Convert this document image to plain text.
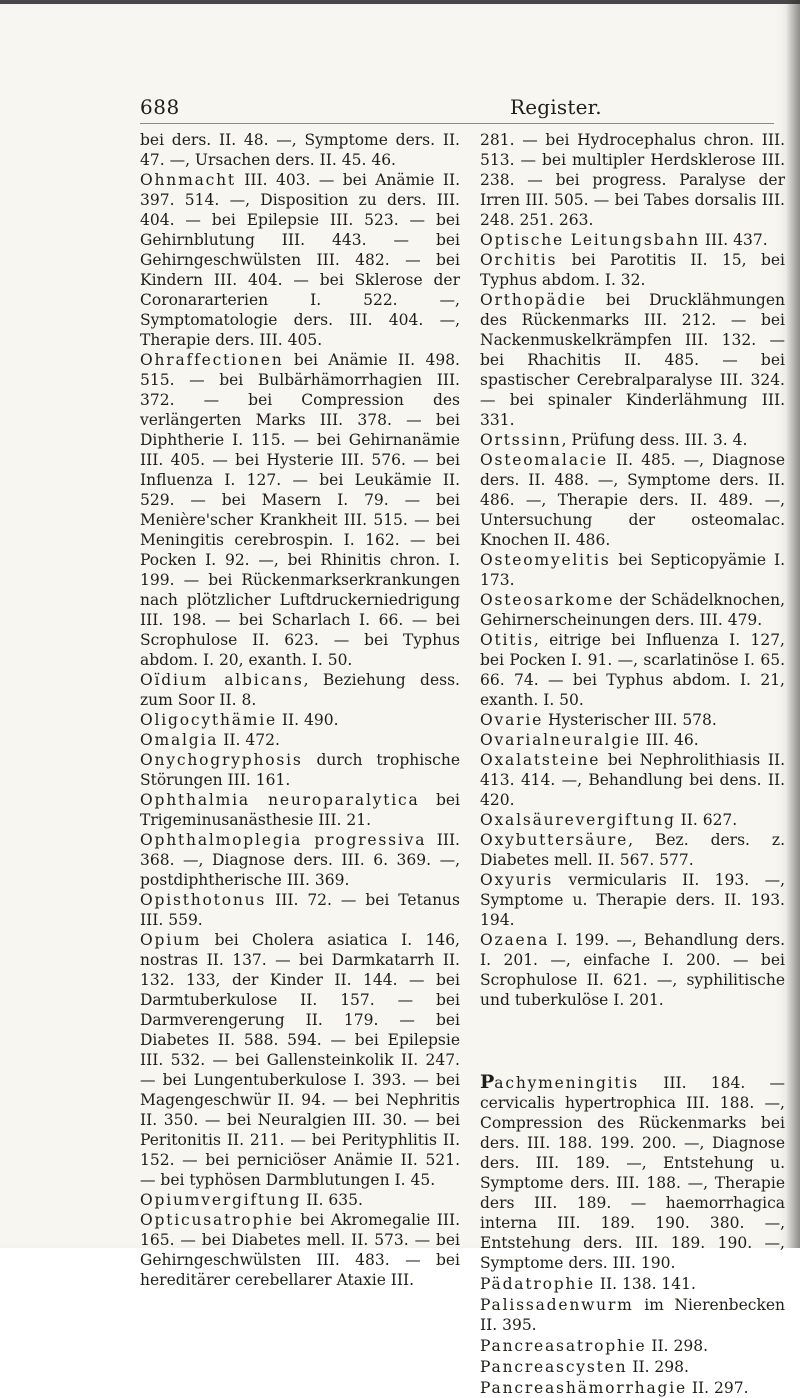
688	Register.

bei ders. II. 48. —, Symptome ders. II. 47. —, Ursachen ders. II. 45. 46.

Ohnmacht III. 403. — bei Anämie II. 397. 514. —, Disposition zu ders. III. 404. — bei Epilepsie III. 523. — bei Gehirnblutung III. 443. — bei Gehirngeschwülsten III. 482. — bei Kindern III. 404. — bei Sklerose der Coronararterien I. 522. —, Symptomatologie ders. III. 404. —, Therapie ders. III. 405.

Ohraffectionen bei Anämie II. 498. 515. — bei Bulbärhämorrhagien III. 372. — bei Compression des verlängerten Marks III. 378. — bei Diphtherie I. 115. — bei Gehirnanämie III. 405. — bei Hysterie III. 576. — bei Influenza I. 127. — bei Leukämie II. 529. — bei Masern I. 79. — bei Menière'scher Krankheit III. 515. — bei Meningitis cerebrospin. I. 162. — bei Pocken I. 92. —, bei Rhinitis chron. I. 199. — bei Rückenmarkserkrankungen nach plötzlicher Luftdruckerniedrigung III. 198. — bei Scharlach I. 66. — bei Scrophulose II. 623. — bei Typhus abdom. I. 20, exanth. I. 50.

Oïdium albicans, Beziehung dess. zum Soor II. 8.

Oligocythämie II. 490.

Omalgia II. 472.

Onychogryphosis durch trophische Störungen III. 161.

Ophthalmia neuroparalytica bei Trigeminusanästhesie III. 21.

Ophthalmoplegia progressiva III. 368. —, Diagnose ders. III. 6. 369. —, postdiphtherische III. 369.

Opisthotonus III. 72. — bei Tetanus III. 559.

Opium bei Cholera asiatica I. 146, nostras II. 137. — bei Darmkatarrh II. 132. 133, der Kinder II. 144. — bei Darmtuberkulose II. 157. — bei Darmverengerung II. 179. — bei Diabetes II. 588. 594. — bei Epilepsie III. 532. — bei Gallensteinkolik II. 247. — bei Lungentuberkulose I. 393. — bei Magengeschwür II. 94. — bei Nephritis II. 350. — bei Neuralgien III. 30. — bei Peritonitis II. 211. — bei Perityphlitis II. 152. — bei perniciöser Anämie II. 521. — bei typhösen Darmblutungen I. 45.

Opiumvergiftung II. 635.

Opticusatrophie bei Akromegalie III. 165. — bei Diabetes mell. II. 573. — bei Gehirngeschwülsten III. 483. — bei hereditärer cerebellarer Ataxie III.

281. — bei Hydrocephalus chron. III. 513. — bei multipler Herdsklerose III. 238. — bei progress. Paralyse der Irren III. 505. — bei Tabes dorsalis III. 248. 251. 263.

Optische Leitungsbahn III. 437.

Orchitis bei Parotitis II. 15, bei Typhus abdom. I. 32.

Orthopädie bei Drucklähmungen des Rückenmarks III. 212. — bei Nackenmuskelkrämpfen III. 132. — bei Rhachitis II. 485. — bei spastischer Cerebralparalyse III. 324. — bei spinaler Kinderlähmung III. 331.

Ortssinn, Prüfung dess. III. 3. 4.

Osteomalacie II. 485. —, Diagnose ders. II. 488. —, Symptome ders. II. 486. —, Therapie ders. II. 489. —, Untersuchung der osteomalac. Knochen II. 486.

Osteomyelitis bei Septicopyämie I. 173.

Osteosarkome der Schädelknochen, Gehirnerscheinungen ders. III. 479.

Otitis, eitrige bei Influenza I. 127, bei Pocken I. 91. —, scarlatinöse I. 65. 66. 74. — bei Typhus abdom. I. 21, exanth. I. 50.

Ovarie Hysterischer III. 578.

Ovarialneuralgie III. 46.

Oxalatsteine bei Nephrolithiasis II. 413. 414. —, Behandlung bei dens. II. 420.

Oxalsäurevergiftung II. 627.

Oxybuttersäure, Bez. ders. z. Diabetes mell. II. 567. 577.

Oxyuris vermicularis II. 193. —, Symptome u. Therapie ders. II. 193. 194.

Ozaena I. 199. —, Behandlung ders. I. 201. —, einfache I. 200. — bei Scrophulose II. 621. —, syphilitische und tuberkulöse I. 201.

Pachymeningitis III. 184. — cervicalis hypertrophica III. 188. —, Compression des Rückenmarks bei ders. III. 188. 199. 200. —, Diagnose ders. III. 189. —, Entstehung u. Symptome ders. III. 188. —, Therapie ders III. 189. — haemorrhagica interna III. 189. 190. 380. —, Entstehung ders. III. 189. 190. —, Symptome ders. III. 190.

Pädatrophie II. 138. 141.

Palissadenwurm im Nierenbecken II. 395.

Pancreasatrophie II. 298.

Pancreascysten II. 298.

Pancreashämorrhagie II. 297.
